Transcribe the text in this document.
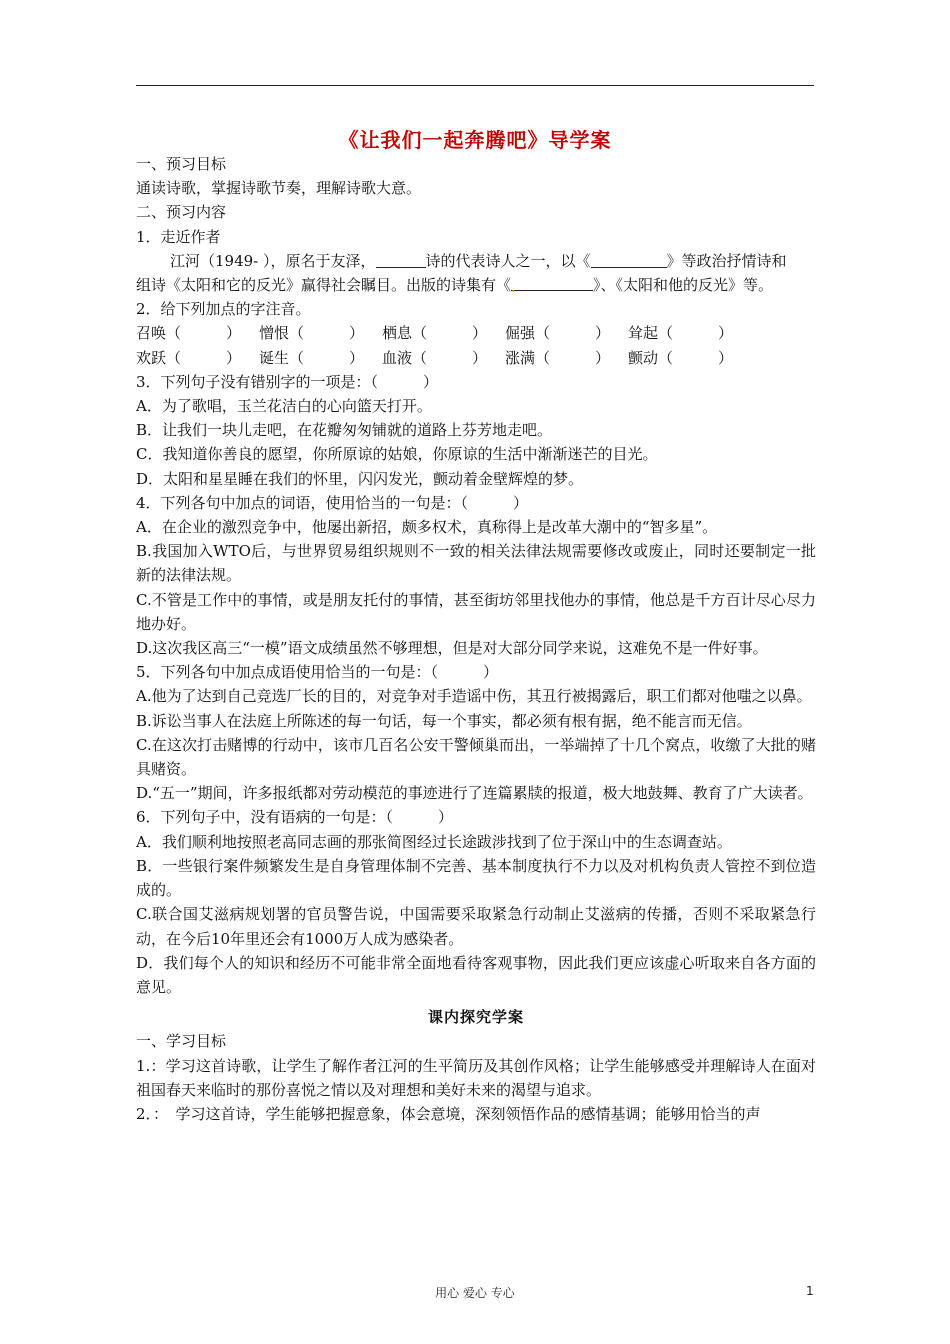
《让我们一起奔腾吧》导学案
一、预习目标
通读诗歌，掌握诗歌节奏，理解诗歌大意。
二、预习内容
1．走近作者
江河（1949- ），原名于友泽，	诗的代表诗人之一，以《	》等政治抒情诗和
组诗《太阳和它的反光》赢得社会瞩目。出版的诗集有《.	》、《太阳和他的反光》等。
2．给下列加点的字注音。
召唤（　　　）	憎恨（　　　）	栖息（　　　）	倔强（　　　）	耸起（　　　）
欢跃（　　　）	诞生（　　　）	血液（　　　）	涨满（　　　）	颤动（　　　）
3．下列句子没有错别字的一项是：（　　　）
A．为了歌唱，玉兰花洁白的心向篮天打开。
B．让我们一块儿走吧，在花瓣匆匆铺就的道路上芬芳地走吧。
C．我知道你善良的愿望，你所原谅的姑娘，你原谅的生活中渐渐迷芒的目光。
D．太阳和星星睡在我们的怀里，闪闪发光，颤动着金壁辉煌的梦。
4．下列各句中加点的词语，使用恰当的一句是：（　　　）
A．在企业的激烈竞争中，他屡出新招，颇多权术，真称得上是改革大潮中的“智多星”。
B.我国加入WTO后，与世界贸易组织规则不一致的相关法律法规需要修改或废止，同时还要制定一批新的法律法规。
C.不管是工作中的事情，或是朋友托付的事情，甚至街坊邻里找他办的事情，他总是千方百计尽心尽力地办好。
D.这次我区高三“一模”语文成绩虽然不够理想，但是对大部分同学来说，这难免不是一件好事。
5．下列各句中加点成语使用恰当的一句是：（　　　）
A.他为了达到自己竞选厂长的目的，对竞争对手造谣中伤，其丑行被揭露后，职工们都对他嗤之以鼻。
B.诉讼当事人在法庭上所陈述的每一句话，每一个事实，都必须有根有据，绝不能言而无信。
C.在这次打击赌博的行动中，该市几百名公安干警倾巢而出，一举端掉了十几个窝点，收缴了大批的赌具赌资。
D.“五一”期间，许多报纸都对劳动模范的事迹进行了连篇累牍的报道，极大地鼓舞、教育了广大读者。
6．下列句子中，没有语病的一句是：（　　　）
A．我们顺利地按照老高同志画的那张简图经过长途跋涉找到了位于深山中的生态调查站。
B．一些银行案件频繁发生是自身管理体制不完善、基本制度执行不力以及对机构负责人管控不到位造成的。
C.联合国艾滋病规划署的官员警告说，中国需要采取紧急行动制止艾滋病的传播，否则不采取紧急行动，在今后10年里还会有1000万人成为感染者。
D．我们每个人的知识和经历不可能非常全面地看待客观事物，因此我们更应该虚心听取来自各方面的意见。
课内探究学案
一、学习目标
1.：学习这首诗歌，让学生了解作者江河的生平简历及其创作风格；让学生能够感受并理解诗人在面对祖国春天来临时的那份喜悦之情以及对理想和美好未来的渴望与追求。
2．：　学习这首诗，学生能够把握意象，体会意境，深刻领悟作品的感情基调；能够用恰当的声
用心 爱心 专心	1
